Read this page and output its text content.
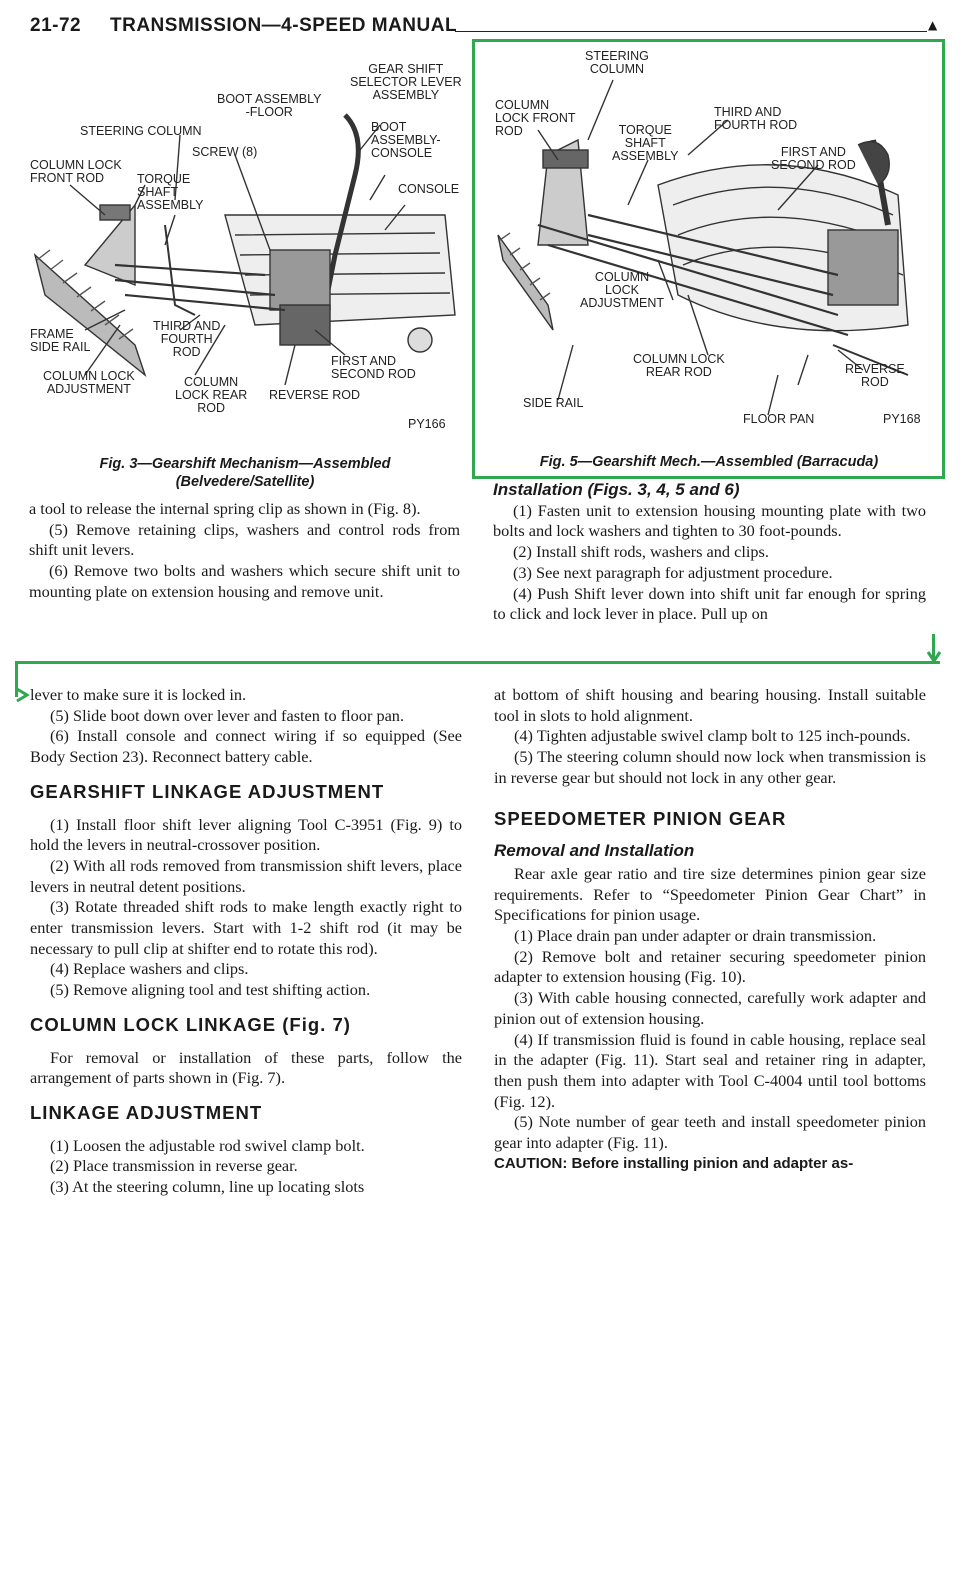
21-72 TRANSMISSION—4-SPEED MANUAL	▲
GEAR SHIFT
SELECTOR LEVER
ASSEMBLY
BOOT ASSEMBLY
-FLOOR
STEERING COLUMN	BOOT
ASSEMBLY-
CONSOLE
SCREW (8)
COLUMN LOCK
FRONT ROD	TORQUE
SHAFT
ASSEMBLY
CONSOLE
FRAME
SIDE RAIL
THIRD AND
FOURTH
ROD
FIRST AND
SECOND ROD
COLUMN LOCK
ADJUSTMENT	COLUMN
LOCK REAR
ROD
REVERSE ROD
PY166
Fig. 3—Gearshift Mechanism—Assembled
(Belvedere/Satellite)
STEERING
COLUMN
COLUMN
LOCK FRONT
ROD
THIRD AND
FOURTH ROD
TORQUE
SHAFT
ASSEMBLY	FIRST AND
SECOND ROD
COLUMN
LOCK
ADJUSTMENT
COLUMN LOCK
REAR ROD	REVERSE
ROD
SIDE RAIL
FLOOR PAN	PY168
Fig. 5—Gearshift Mech.—Assembled (Barracuda)

a tool to release the internal spring clip as shown in (Fig. 8).

(5) Remove retaining clips, washers and control rods from shift unit levers.

(6) Remove two bolts and washers which secure shift unit to mounting plate on extension housing and remove unit.

Installation (Figs. 3, 4, 5 and 6)

(1) Fasten unit to extension housing mounting plate with two bolts and lock washers and tighten to 30 foot-pounds.

(2) Install shift rods, washers and clips.

(3) See next paragraph for adjustment procedure.

(4) Push Shift lever down into shift unit far enough for spring to click and lock lever in place. Pull up on

lever to make sure it is locked in.

(5) Slide boot down over lever and fasten to floor pan.

(6) Install console and connect wiring if so equipped (See Body Section 23). Reconnect battery cable.

GEARSHIFT LINKAGE ADJUSTMENT

(1) Install floor shift lever aligning Tool C-3951 (Fig. 9) to hold the levers in neutral-crossover position.

(2) With all rods removed from transmission shift levers, place levers in neutral detent positions.

(3) Rotate threaded shift rods to make length exactly right to enter transmission levers. Start with 1-2 shift rod (it may be necessary to pull clip at shifter end to rotate this rod).

(4) Replace washers and clips.

(5) Remove aligning tool and test shifting action.

COLUMN LOCK LINKAGE (Fig. 7)

For removal or installation of these parts, follow the arrangement of parts shown in (Fig. 7).

LINKAGE ADJUSTMENT

(1) Loosen the adjustable rod swivel clamp bolt.

(2) Place transmission in reverse gear.

(3) At the steering column, line up locating slots

at bottom of shift housing and bearing housing. Install suitable tool in slots to hold alignment.

(4) Tighten adjustable swivel clamp bolt to 125 inch-pounds.

(5) The steering column should now lock when transmission is in reverse gear but should not lock in any other gear.

SPEEDOMETER PINION GEAR
Removal and Installation

Rear axle gear ratio and tire size determines pinion gear size requirements. Refer to “Speedometer Pinion Gear Chart” in Specifications for pinion usage.

(1) Place drain pan under adapter or drain transmission.

(2) Remove bolt and retainer securing speedometer pinion adapter to extension housing (Fig. 10).

(3) With cable housing connected, carefully work adapter and pinion out of extension housing.

(4) If transmission fluid is found in cable housing, replace seal in the adapter (Fig. 11). Start seal and retainer ring in adapter, then push them into adapter with Tool C-4004 until tool bottoms (Fig. 12).

(5) Note number of gear teeth and install speedometer pinion gear into adapter (Fig. 11).

CAUTION: Before installing pinion and adapter as-
